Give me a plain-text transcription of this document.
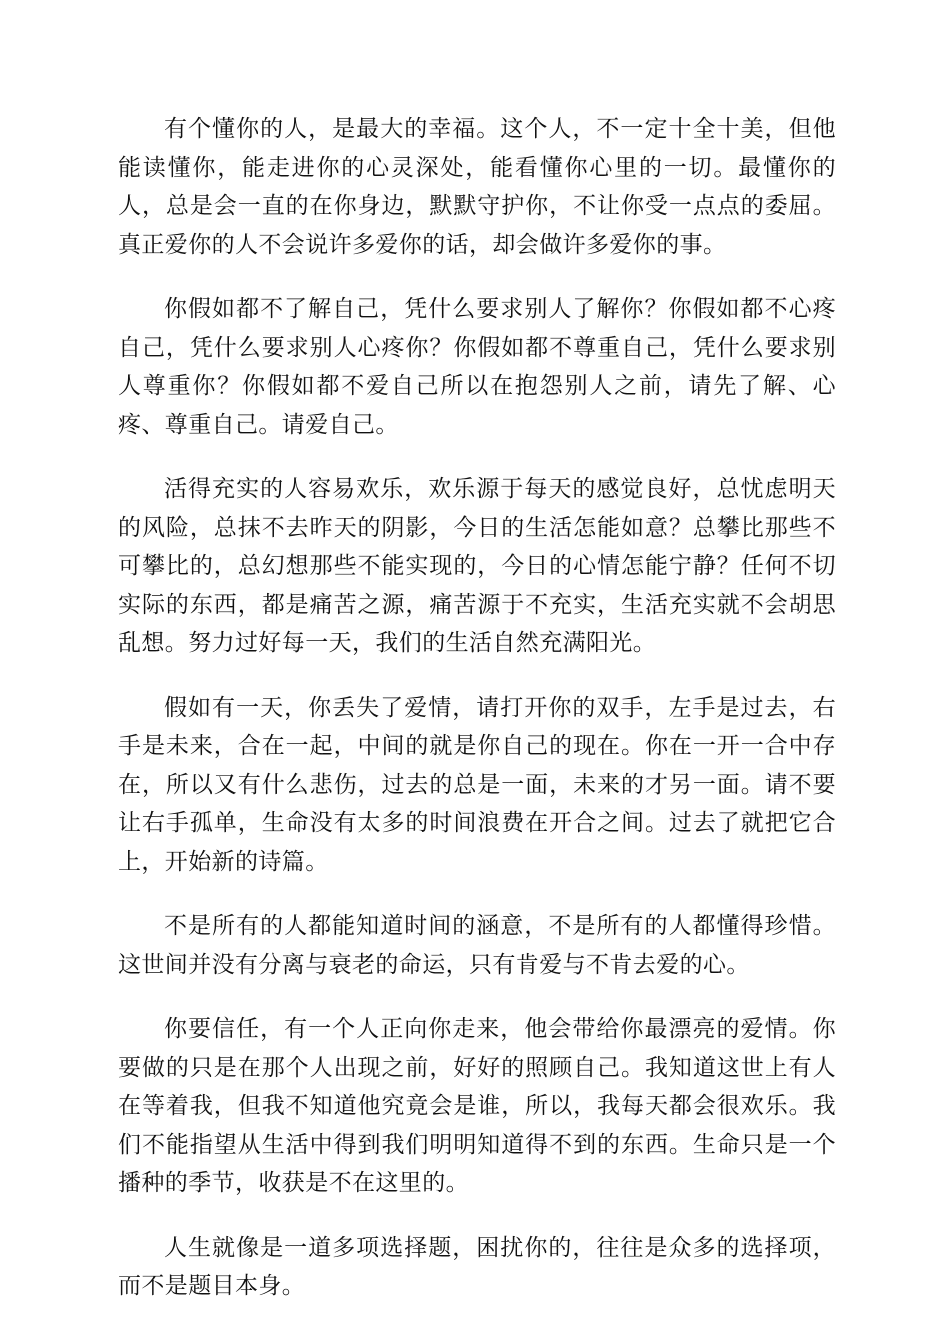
有个懂你的人，是最大的幸福。这个人，不一定十全十美，但他能读懂你，能走进你的心灵深处，能看懂你心里的一切。最懂你的人，总是会一直的在你身边，默默守护你，不让你受一点点的委屈。真正爱你的人不会说许多爱你的话，却会做许多爱你的事。

你假如都不了解自己，凭什么要求别人了解你？你假如都不心疼自己，凭什么要求别人心疼你？你假如都不尊重自己，凭什么要求别人尊重你？你假如都不爱自己所以在抱怨别人之前，请先了解、心疼、尊重自己。请爱自己。

活得充实的人容易欢乐，欢乐源于每天的感觉良好，总忧虑明天的风险，总抹不去昨天的阴影，今日的生活怎能如意？总攀比那些不可攀比的，总幻想那些不能实现的，今日的心情怎能宁静？任何不切实际的东西，都是痛苦之源，痛苦源于不充实，生活充实就不会胡思乱想。努力过好每一天，我们的生活自然充满阳光。

假如有一天，你丢失了爱情，请打开你的双手，左手是过去，右手是未来，合在一起，中间的就是你自己的现在。你在一开一合中存在，所以又有什么悲伤，过去的总是一面，未来的才另一面。请不要让右手孤单，生命没有太多的时间浪费在开合之间。过去了就把它合上，开始新的诗篇。

不是所有的人都能知道时间的涵意，不是所有的人都懂得珍惜。这世间并没有分离与衰老的命运，只有肯爱与不肯去爱的心。

你要信任，有一个人正向你走来，他会带给你最漂亮的爱情。你要做的只是在那个人出现之前，好好的照顾自己。我知道这世上有人在等着我，但我不知道他究竟会是谁，所以，我每天都会很欢乐。我们不能指望从生活中得到我们明明知道得不到的东西。生命只是一个播种的季节，收获是不在这里的。

人生就像是一道多项选择题，困扰你的，往往是众多的选择项，而不是题目本身。
